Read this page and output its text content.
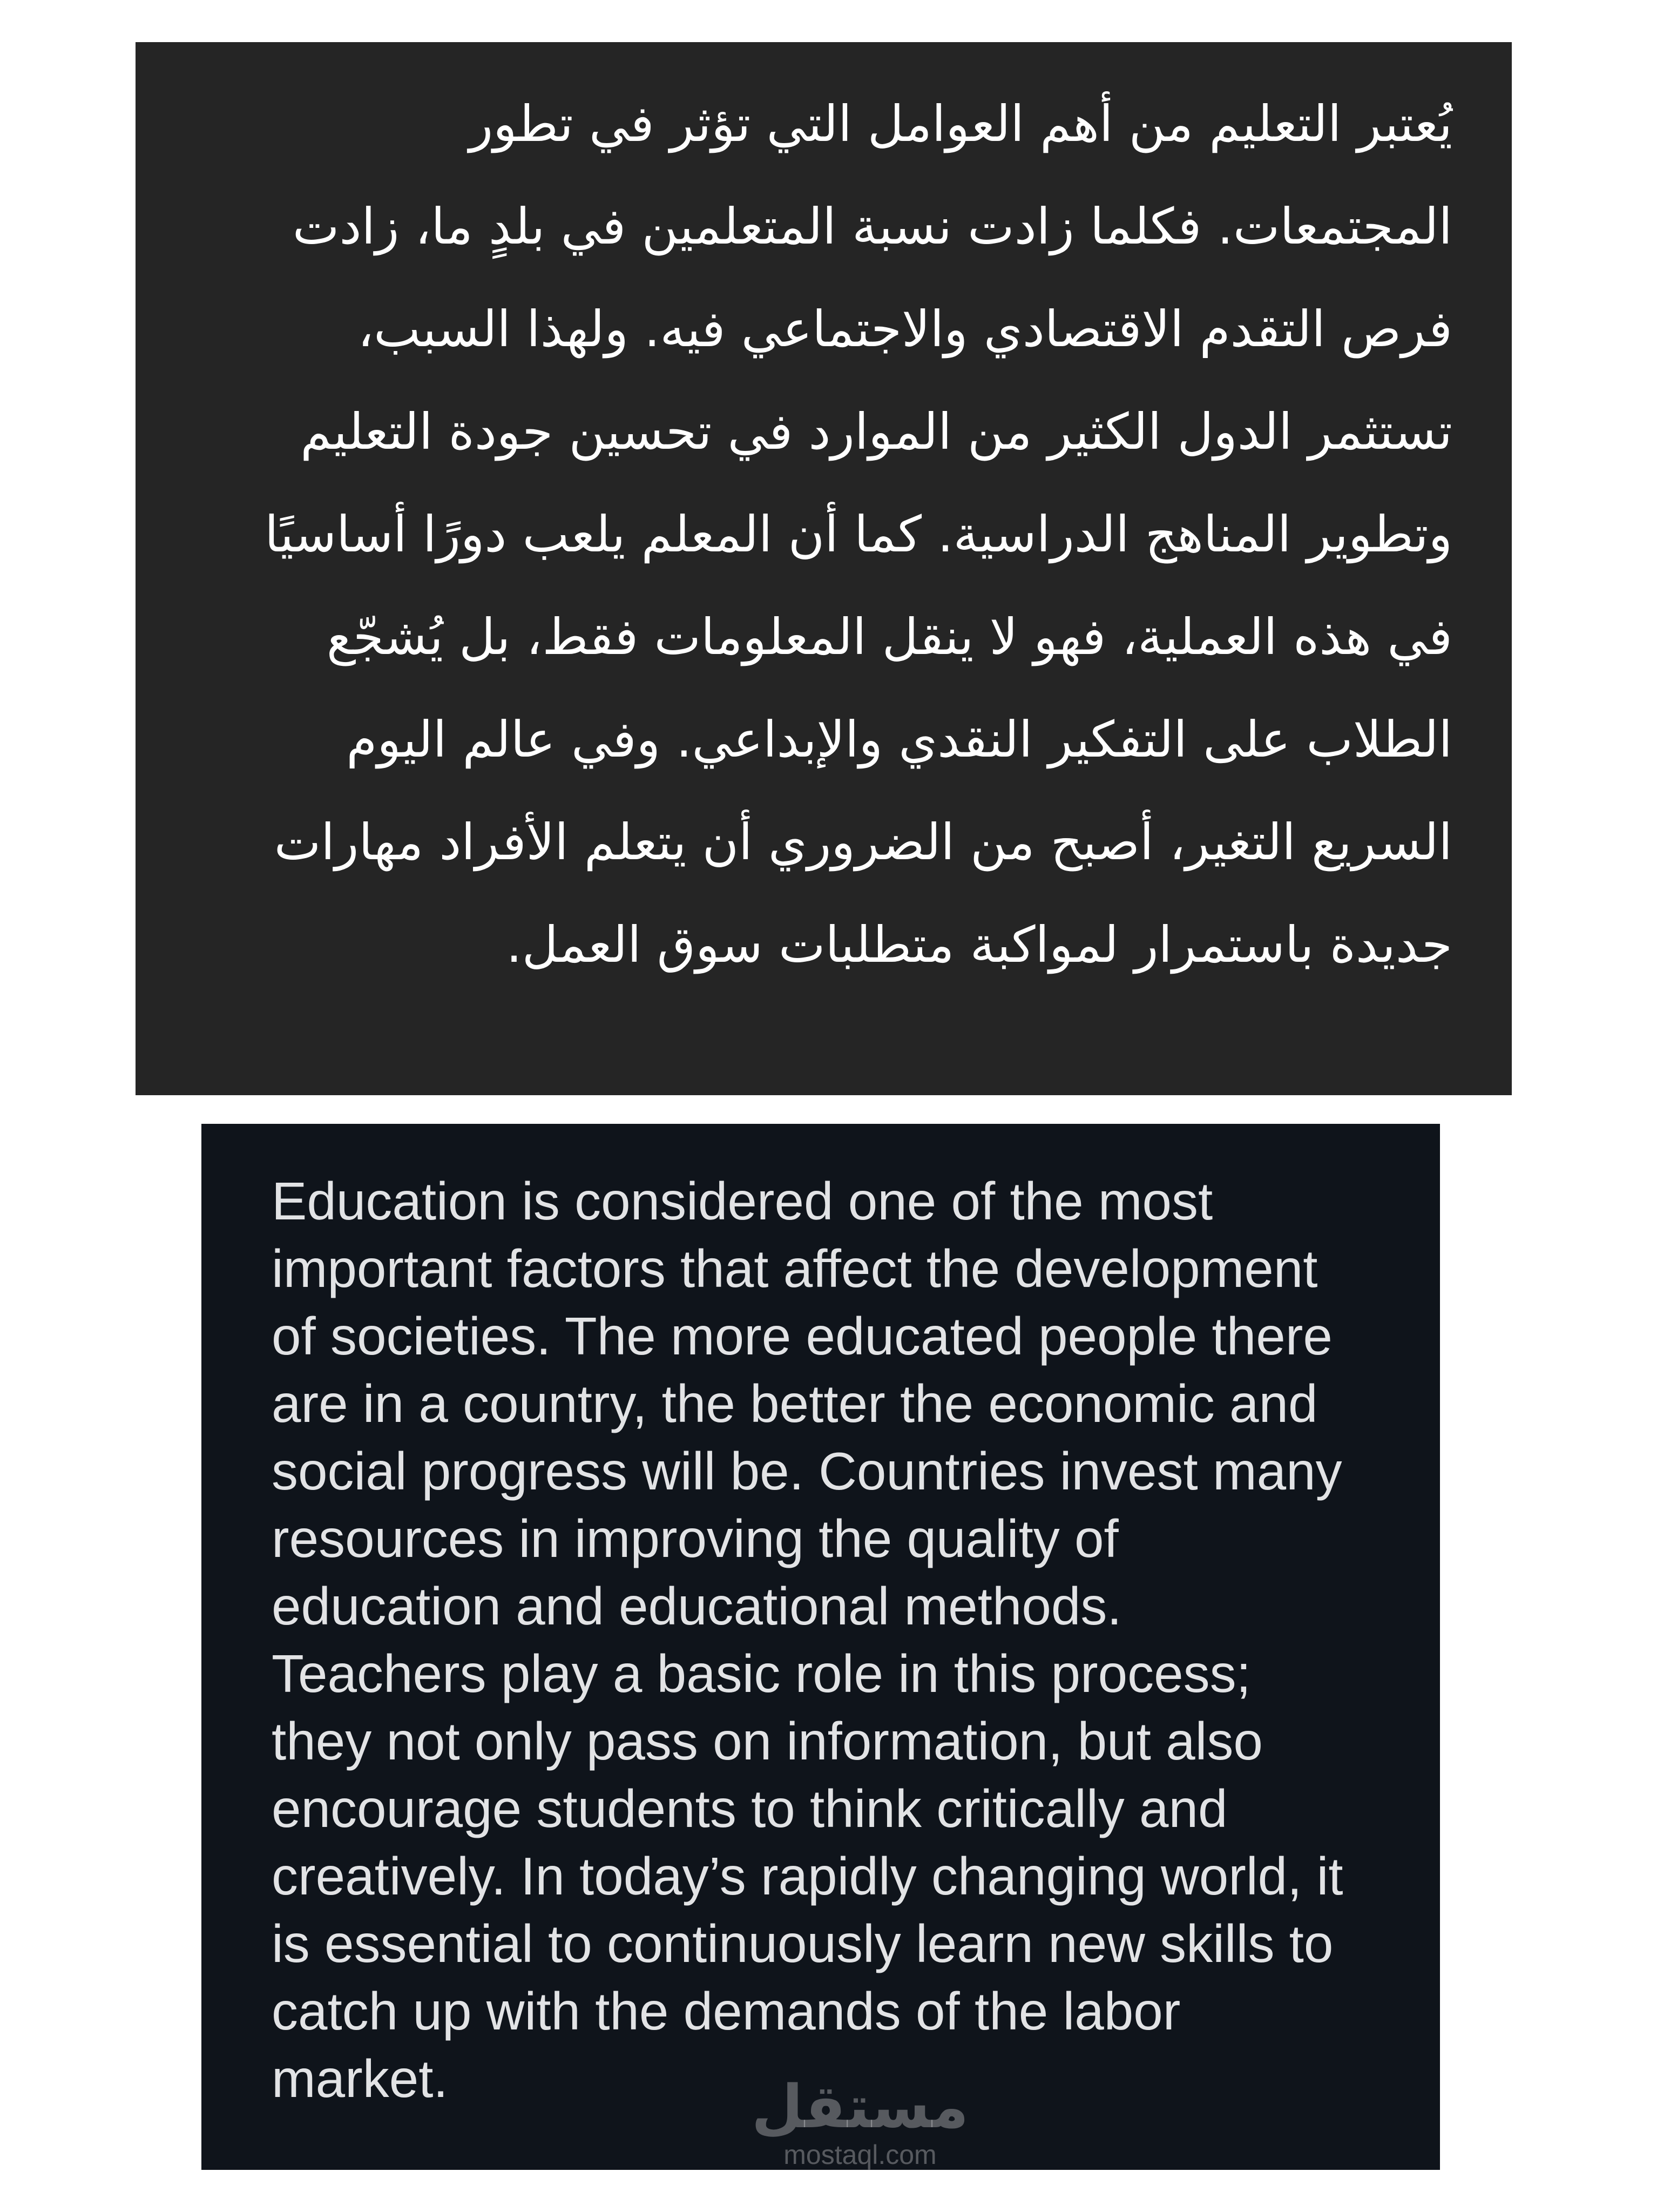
يُعتبر التعليم من أهم العوامل التي تؤثر في تطور
المجتمعات. فكلما زادت نسبة المتعلمين في بلدٍ ما، زادت
فرص التقدم الاقتصادي والاجتماعي فيه. ولهذا السبب،
تستثمر الدول الكثير من الموارد في تحسين جودة التعليم
وتطوير المناهج الدراسية. كما أن المعلم يلعب دورًا أساسيًا
في هذه العملية، فهو لا ينقل المعلومات فقط، بل يُشجّع
الطلاب على التفكير النقدي والإبداعي. وفي عالم اليوم
السريع التغير، أصبح من الضروري أن يتعلم الأفراد مهارات
جديدة باستمرار لمواكبة متطلبات سوق العمل.
Education is considered one of the most
important factors that affect the development
of societies. The more educated people there
are in a country, the better the economic and
social progress will be. Countries invest many
resources in improving the quality of
education and educational methods.
Teachers play a basic role in this process;
they not only pass on information, but also
encourage students to think critically and
creatively. In today’s rapidly changing world, it
is essential to continuously learn new skills to
catch up with the demands of the labor
market.	مستقل
mostaql.com
